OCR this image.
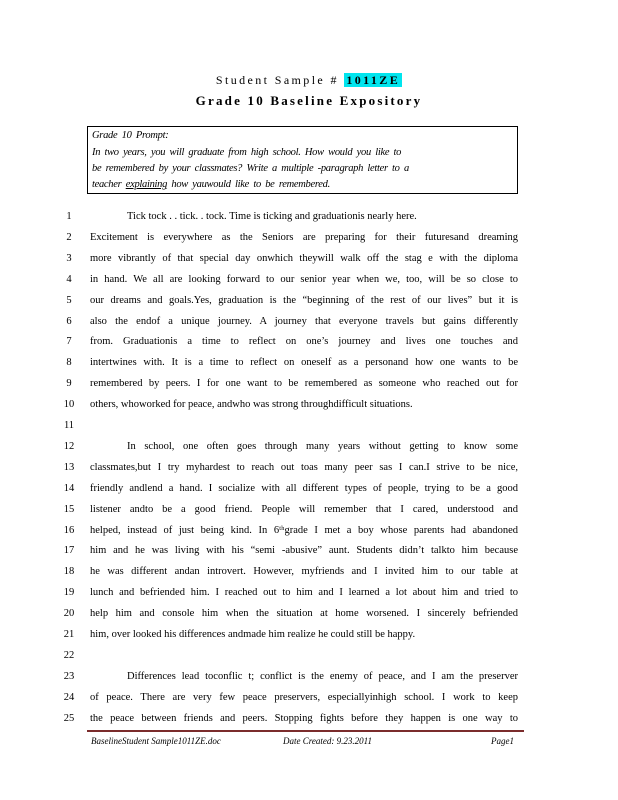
Student Sample # 1011ZE
Grade 10 Baseline Expository
Grade 10 Prompt:
In two years, you will graduate from high school. How would you like to
be remembered by your classmates? Write a multiple -paragraph letter to a
teacher explaining how yauwould like to be remembered.
1	Tick tock . . tick. . tock. Time is ticking and graduationis nearly here.
2	Excitement is everywhere as the Seniors are preparing for their futuresand dreaming
3	more vibrantly of that special day onwhich theywill walk off the stag e with the diploma
4	in hand. We all are looking forward to our senior year when we, too, will be so close to
5	our dreams and goals.Yes, graduation is the “beginning of the rest of our lives” but it is
6	also the endof a unique journey. A journey that everyone travels but gains differently
7	from. Graduationis a time to reflect on one’s journey and lives one touches and
8	intertwines with. It is a time to reflect on oneself as a personand how one wants to be
9	remembered by peers. I for one want to be remembered as someone who reached out for
10 others, whoworked for peace, andwho was strong throughdifficult situations.
11
12	In school, one often goes through many years without getting to know some
13 classmates,but I try myhardest to reach out toas many peer sas I can.I strive to be nice,
14 friendly andlend a hand. I socialize with all different types of people, trying to be a good
15 listener andto be a good friend. People will remember that I cared, understood and
16 helped, instead of just being kind. In 6ᵗʰgrade I met a boy whose parents had abandoned
17 him and he was living with his “semi -abusive” aunt. Students didn’t talkto him because
18 he was different andan introvert. However, myfriends and I invited him to our table at
19 lunch and befriended him. I reached out to him and I learned a lot about him and tried to
20 help him and console him when the situation at home worsened. I sincerely befriended
21 him, over looked his differences andmade him realize he could still be happy.
22
23	Differences lead toconflic t; conflict is the enemy of peace, and I am the preserver
24 of peace. There are very few peace preservers, especiallyinhigh school. I work to keep
25 the peace between friends and peers. Stopping fights before they happen is one way to
BaselineStudent Sample1011ZE.doc	Date Created: 9.23.2011	Page1
